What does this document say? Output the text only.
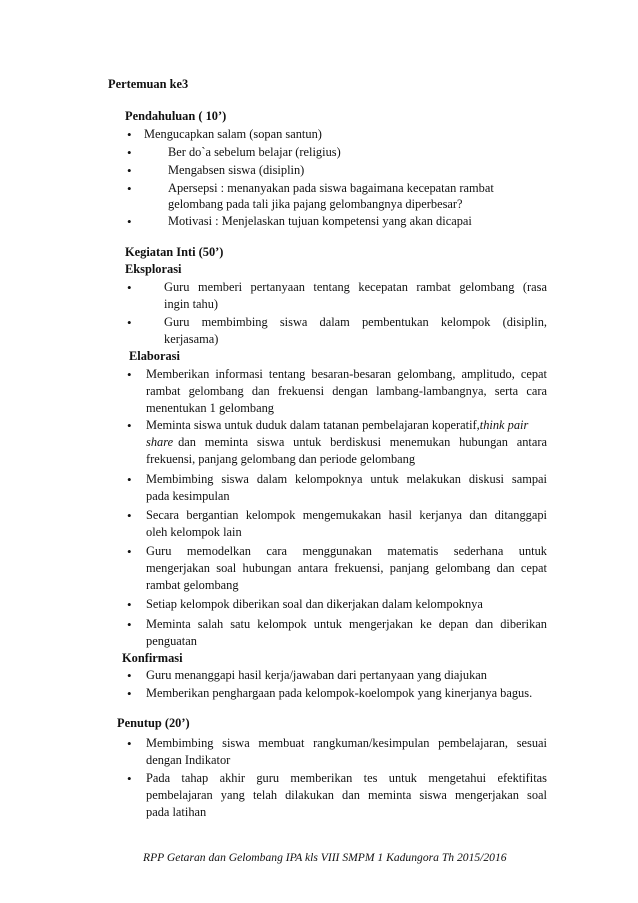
Pertemuan ke3
Pendahuluan ( 10’)
• Mengucapkan salam (sopan santun)
•	Ber do`a sebelum belajar (religius)
•	Mengabsen siswa (disiplin)
•	Apersepsi : menanyakan pada siswa bagaimana kecepatan rambat
gelombang pada tali jika pajang gelombangnya diperbesar?
•	Motivasi : Menjelaskan tujuan kompetensi yang akan dicapai
Kegiatan Inti (50’)
Eksplorasi
•	Guru memberi pertanyaan tentang kecepatan rambat gelombang (rasa
ingin tahu)
•	Guru membimbing siswa dalam pembentukan kelompok (disiplin,
kerjasama)
Elaborasi
• Memberikan informasi tentang besaran-besaran gelombang, amplitudo, cepat
rambat gelombang dan frekuensi dengan lambang-lambangnya, serta cara
menentukan 1 gelombang
• Meminta siswa untuk duduk dalam tatanan pembelajaran koperatif,think pair
share dan meminta siswa untuk berdiskusi menemukan hubungan antara
frekuensi, panjang gelombang dan periode gelombang
• Membimbing siswa dalam kelompoknya untuk melakukan diskusi sampai
pada kesimpulan
• Secara bergantian kelompok mengemukakan hasil kerjanya dan ditanggapi
oleh kelompok lain
• Guru memodelkan cara menggunakan matematis sederhana untuk
mengerjakan soal hubungan antara frekuensi, panjang gelombang dan cepat
rambat gelombang
• Setiap kelompok diberikan soal dan dikerjakan dalam kelompoknya
• Meminta salah satu kelompok untuk mengerjakan ke depan dan diberikan
penguatan
Konfirmasi
• Guru menanggapi hasil kerja/jawaban dari pertanyaan yang diajukan
• Memberikan penghargaan pada kelompok-koelompok yang kinerjanya bagus.
Penutup (20’)
• Membimbing siswa membuat rangkuman/kesimpulan pembelajaran, sesuai
dengan Indikator
• Pada tahap akhir guru memberikan tes untuk mengetahui efektifitas
pembelajaran yang telah dilakukan dan meminta siswa mengerjakan soal
pada latihan
RPP Getaran dan Gelombang IPA kls VIII SMPM 1 Kadungora Th 2015/2016
